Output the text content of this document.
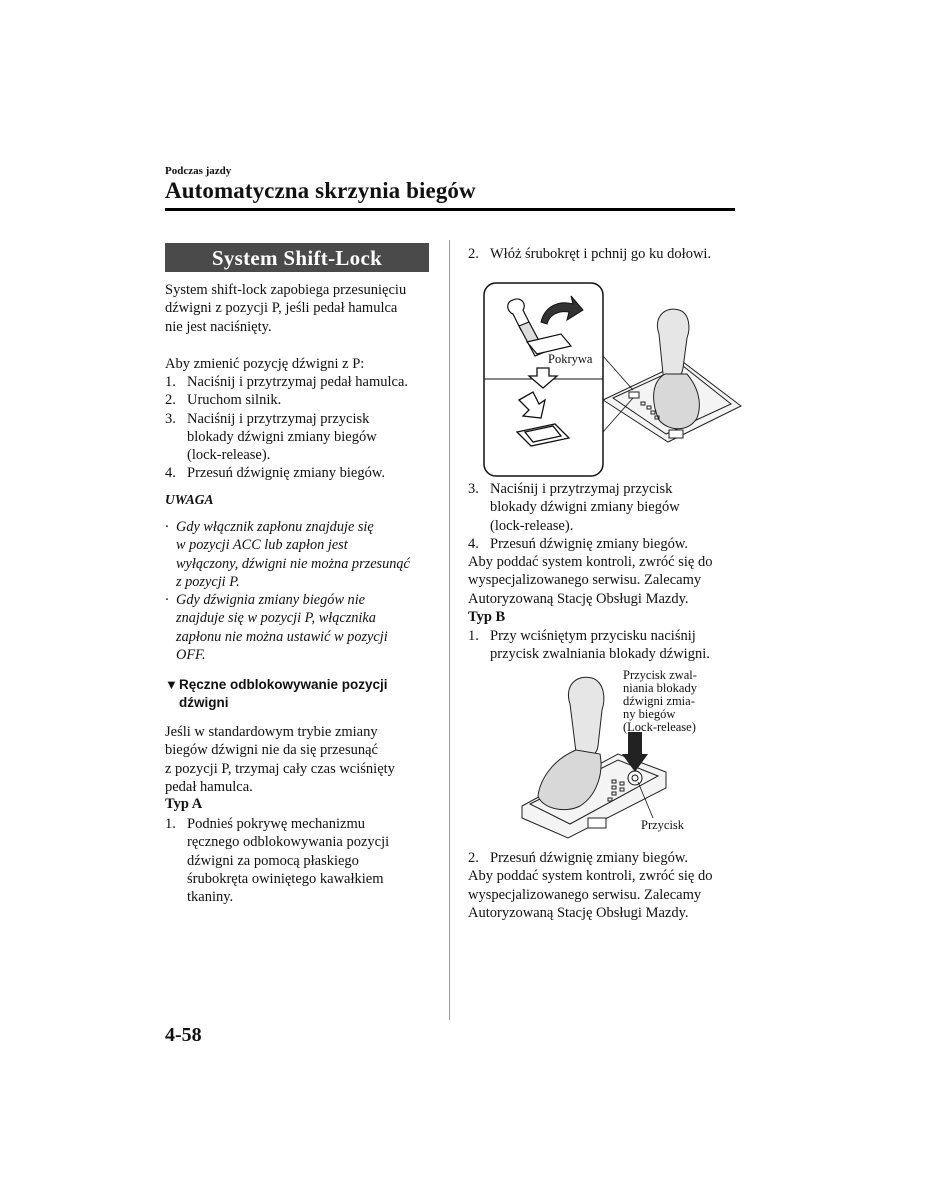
Podczas jazdy
Automatyczna skrzynia biegów
System Shift-Lock
System shift-lock zapobiega przesunięciu
dźwigni z pozycji P, jeśli pedał hamulca
nie jest naciśnięty.
Aby zmienić pozycję dźwigni z P:
1. Naciśnij i przytrzymaj pedał hamulca.
2. Uruchom silnik.
3. Naciśnij i przytrzymaj przycisk
blokady dźwigni zmiany biegów
(lock-release).
4. Przesuń dźwignię zmiany biegów.
UWAGA
· Gdy włącznik zapłonu znajduje się
w pozycji ACC lub zapłon jest
wyłączony, dźwigni nie można przesunąć
z pozycji P.
· Gdy dźwignia zmiany biegów nie
znajduje się w pozycji P, włącznika
zapłonu nie można ustawić w pozycji
OFF.
▼ Ręczne odblokowywanie pozycji
dźwigni
Jeśli w standardowym trybie zmiany
biegów dźwigni nie da się przesunąć
z pozycji P, trzymaj cały czas wciśnięty
pedał hamulca.
Typ A
1. Podnieś pokrywę mechanizmu
ręcznego odblokowywania pozycji
dźwigni za pomocą płaskiego
śrubokręta owiniętego kawałkiem
tkaniny.
4-58
2. Włóż śrubokręt i pchnij go ku dołowi.
Pokrywa
3. Naciśnij i przytrzymaj przycisk
blokady dźwigni zmiany biegów
(lock-release).
4. Przesuń dźwignię zmiany biegów.
Aby poddać system kontroli, zwróć się do
wyspecjalizowanego serwisu. Zalecamy
Autoryzowaną Stację Obsługi Mazdy.
Typ B
1. Przy wciśniętym przycisku naciśnij
przycisk zwalniania blokady dźwigni.
Przycisk zwal-
niania blokady
dźwigni zmia-
ny biegów
(Lock-release)
Przycisk
2. Przesuń dźwignię zmiany biegów.
Aby poddać system kontroli, zwróć się do
wyspecjalizowanego serwisu. Zalecamy
Autoryzowaną Stację Obsługi Mazdy.
